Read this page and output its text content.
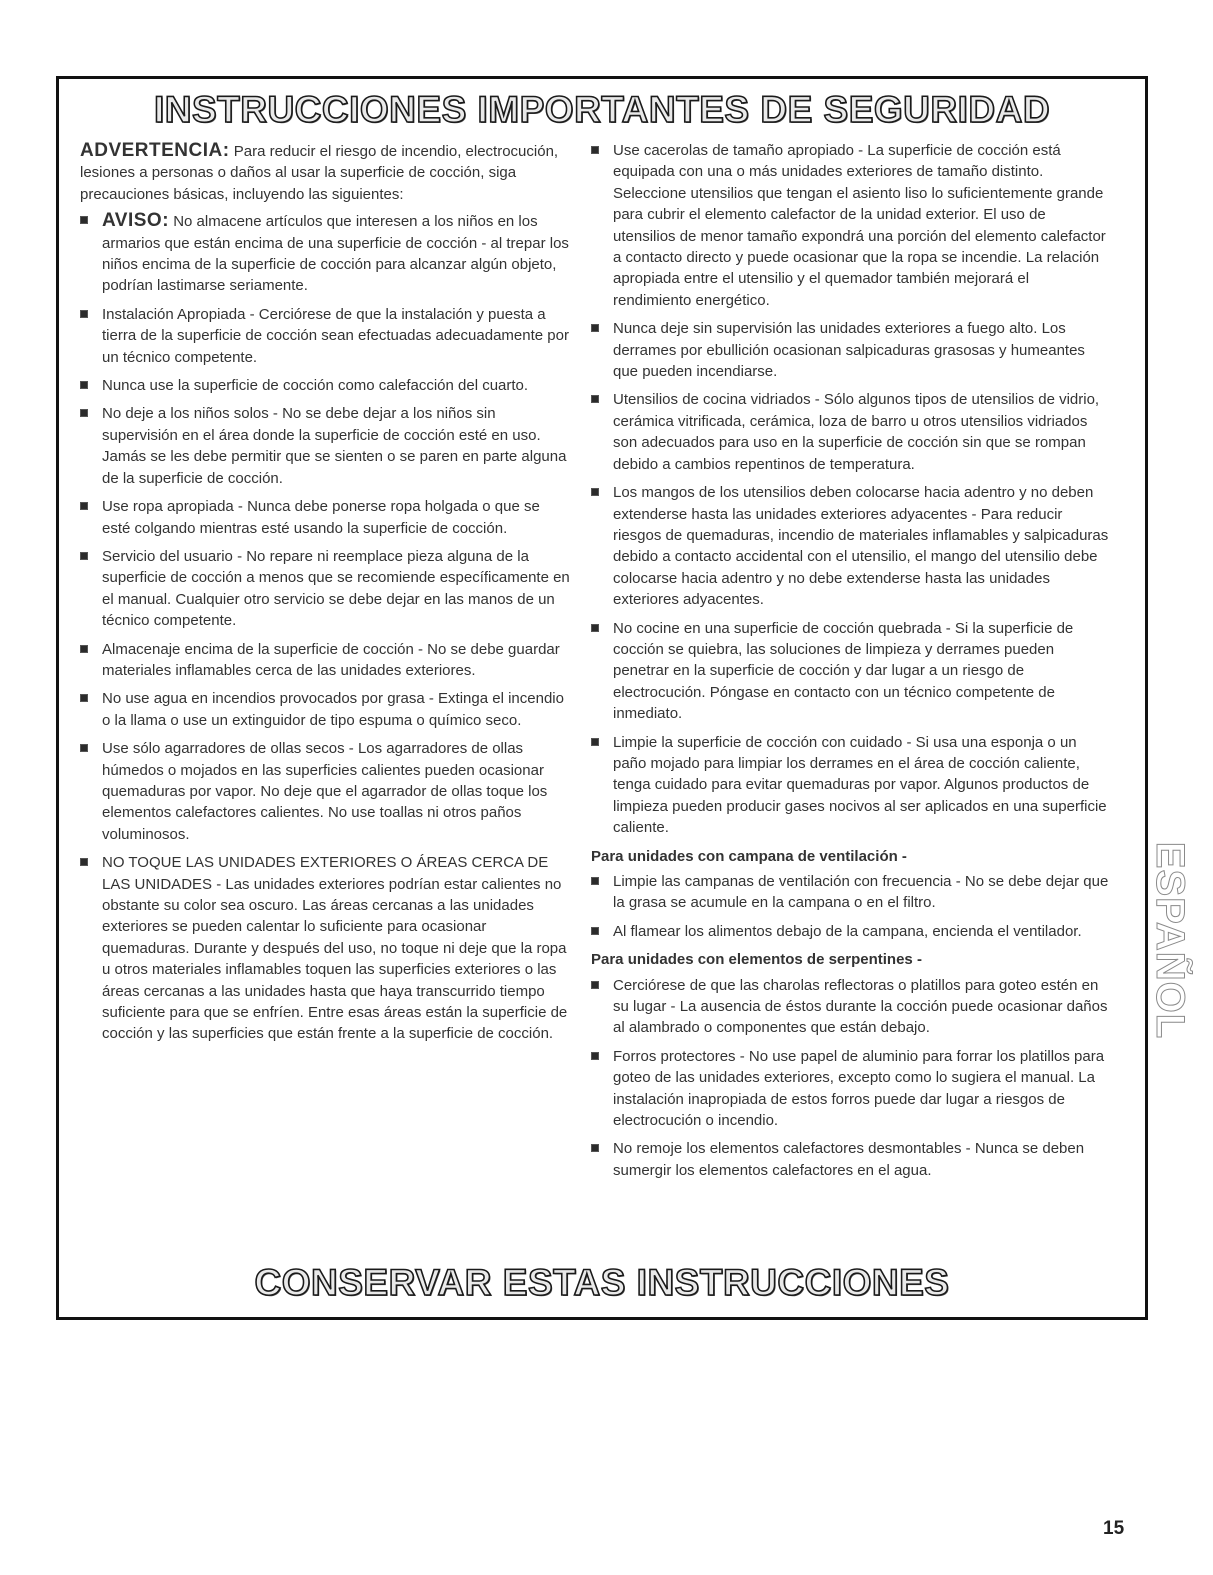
INSTRUCCIONES IMPORTANTES DE SEGURIDAD

ADVERTENCIA: Para reducir el riesgo de incendio, electrocución, lesiones a personas o daños al usar la superficie de cocción, siga precauciones básicas, incluyendo las siguientes:

AVISO: No almacene artículos que interesen a los niños en los armarios que están encima de una superficie de cocción - al trepar los niños encima de la superficie de cocción para alcanzar algún objeto, podrían lastimarse seriamente.
Instalación Apropiada - Cerciórese de que la instalación y puesta a tierra de la superficie de cocción sean efectuadas adecuadamente por un técnico competente.
Nunca use la superficie de cocción como calefacción del cuarto.
No deje a los niños solos - No se debe dejar a los niños sin supervisión en el área donde la superficie de cocción esté en uso. Jamás se les debe permitir que se sienten o se paren en parte alguna de la superficie de cocción.
Use ropa apropiada - Nunca debe ponerse ropa holgada o que se esté colgando mientras esté usando la superficie de cocción.
Servicio del usuario - No repare ni reemplace pieza alguna de la superficie de cocción a menos que se recomiende específicamente en el manual. Cualquier otro servicio se debe dejar en las manos de un técnico competente.
Almacenaje encima de la superficie de cocción - No se debe guardar materiales inflamables cerca de las unidades exteriores.
No use agua en incendios provocados por grasa - Extinga el incendio o la llama o use un extinguidor de tipo espuma o químico seco.
Use sólo agarradores de ollas secos - Los agarradores de ollas húmedos o mojados en las superficies calientes pueden ocasionar quemaduras por vapor. No deje que el agarrador de ollas toque los elementos calefactores calientes. No use toallas ni otros paños voluminosos.
NO TOQUE LAS UNIDADES EXTERIORES O ÁREAS CERCA DE LAS UNIDADES - Las unidades exteriores podrían estar calientes no obstante su color sea oscuro. Las áreas cercanas a las unidades exteriores se pueden calentar lo suficiente para ocasionar quemaduras. Durante y después del uso, no toque ni deje que la ropa u otros materiales inflamables toquen las superficies exteriores o las áreas cercanas a las unidades hasta que haya transcurrido tiempo suficiente para que se enfríen. Entre esas áreas están la superficie de cocción y las superficies que están frente a la superficie de cocción.
Use cacerolas de tamaño apropiado - La superficie de cocción está equipada con una o más unidades exteriores de tamaño distinto. Seleccione utensilios que tengan el asiento liso lo suficientemente grande para cubrir el elemento calefactor de la unidad exterior. El uso de utensilios de menor tamaño expondrá una porción del elemento calefactor a contacto directo y puede ocasionar que la ropa se incendie. La relación apropiada entre el utensilio y el quemador también mejorará el rendimiento energético.
Nunca deje sin supervisión las unidades exteriores a fuego alto. Los derrames por ebullición ocasionan salpicaduras grasosas y humeantes que pueden incendiarse.
Utensilios de cocina vidriados - Sólo algunos tipos de utensilios de vidrio, cerámica vitrificada, cerámica, loza de barro u otros utensilios vidriados son adecuados para uso en la superficie de cocción sin que se rompan debido a cambios repentinos de temperatura.
Los mangos de los utensilios deben colocarse hacia adentro y no deben extenderse hasta las unidades exteriores adyacentes - Para reducir riesgos de quemaduras, incendio de materiales inflamables y salpicaduras debido a contacto accidental con el utensilio, el mango del utensilio debe colocarse hacia adentro y no debe extenderse hasta las unidades exteriores adyacentes.
No cocine en una superficie de cocción quebrada - Si la superficie de cocción se quiebra, las soluciones de limpieza y derrames pueden penetrar en la superficie de cocción y dar lugar a un riesgo de electrocución. Póngase en contacto con un técnico competente de inmediato.
Limpie la superficie de cocción con cuidado - Si usa una esponja o un paño mojado para limpiar los derrames en el área de cocción caliente, tenga cuidado para evitar quemaduras por vapor. Algunos productos de limpieza pueden producir gases nocivos al ser aplicados en una superficie caliente.
Para unidades con campana de ventilación -
Limpie las campanas de ventilación con frecuencia - No se debe dejar que la grasa se acumule en la campana o en el filtro.
Al flamear los alimentos debajo de la campana, encienda el ventilador.
Para unidades con elementos de serpentines -
Cerciórese de que las charolas reflectoras o platillos para goteo estén en su lugar - La ausencia de éstos durante la cocción puede ocasionar daños al alambrado o componentes que están debajo.
Forros protectores - No use papel de aluminio para forrar los platillos para goteo de las unidades exteriores, excepto como lo sugiera el manual. La instalación inapropiada de estos forros puede dar lugar a riesgos de electrocución o incendio.
No remoje los elementos calefactores desmontables - Nunca se deben sumergir los elementos calefactores en el agua.
CONSERVAR ESTAS INSTRUCCIONES
ESPAÑOL
15
